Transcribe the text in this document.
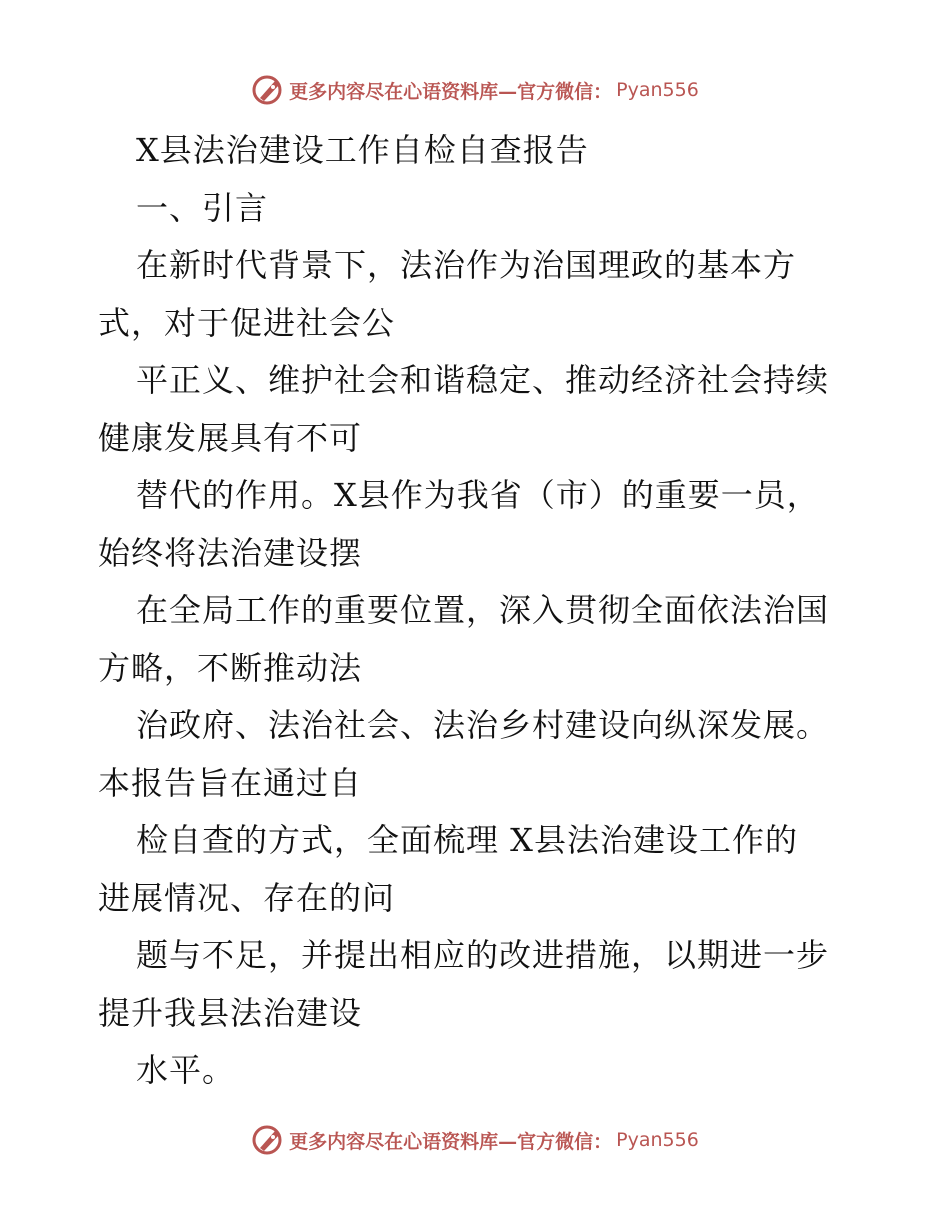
更多内容尽在心语资料库—官方微信： Pyan556
X县法治建设工作自检自查报告
一、引言
在新时代背景下，法治作为治国理政的基本方
式，对于促进社会公
平正义、维护社会和谐稳定、推动经济社会持续
健康发展具有不可
替代的作用。X县作为我省（市）的重要一员，
始终将法治建设摆
在全局工作的重要位置，深入贯彻全面依法治国
方略，不断推动法
治政府、法治社会、法治乡村建设向纵深发展。
本报告旨在通过自
检自查的方式，全面梳理 X县法治建设工作的
进展情况、存在的问
题与不足，并提出相应的改进措施，以期进一步
提升我县法治建设
水平。
更多内容尽在心语资料库—官方微信： Pyan556
